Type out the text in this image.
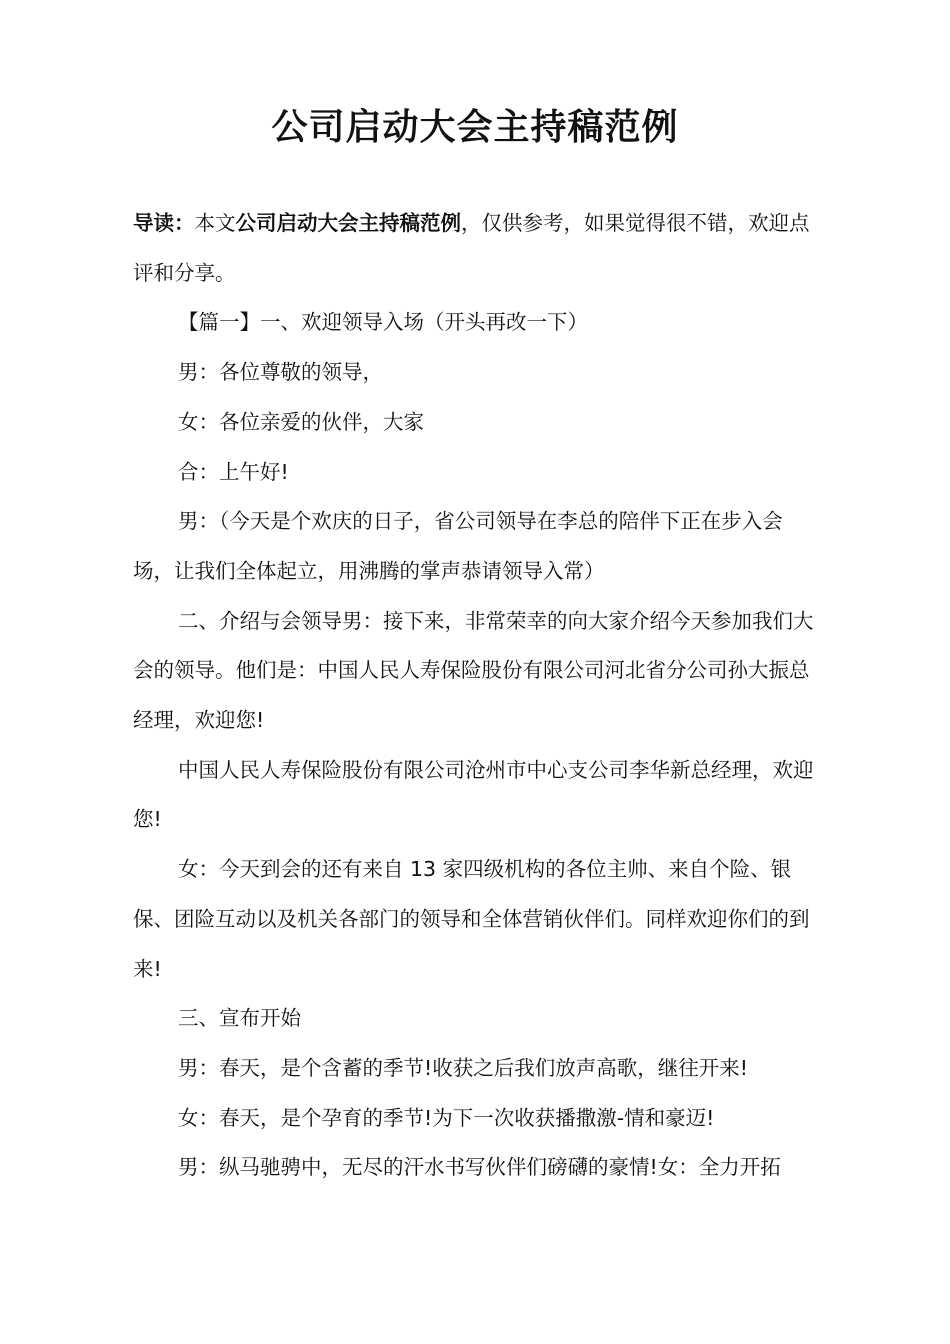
公司启动大会主持稿范例

导读：本文公司启动大会主持稿范例，仅供参考，如果觉得很不错，欢迎点评和分享。

【篇一】一、欢迎领导入场（开头再改一下）

男：各位尊敬的领导，

女：各位亲爱的伙伴，大家

合：上午好!

男：（今天是个欢庆的日子，省公司领导在李总的陪伴下正在步入会场，让我们全体起立，用沸腾的掌声恭请领导入常）

二、介绍与会领导男：接下来，非常荣幸的向大家介绍今天参加我们大会的领导。他们是：中国人民人寿保险股份有限公司河北省分公司孙大振总经理，欢迎您!

中国人民人寿保险股份有限公司沧州市中心支公司李华新总经理，欢迎您!

女：今天到会的还有来自 13 家四级机构的各位主帅、来自个险、银保、团险互动以及机关各部门的领导和全体营销伙伴们。同样欢迎你们的到来!

三、宣布开始

男：春天，是个含蓄的季节!收获之后我们放声高歌，继往开来!

女：春天，是个孕育的季节!为下一次收获播撒激-情和豪迈!

男：纵马驰骋中，无尽的汗水书写伙伴们磅礴的豪情!女：全力开拓
